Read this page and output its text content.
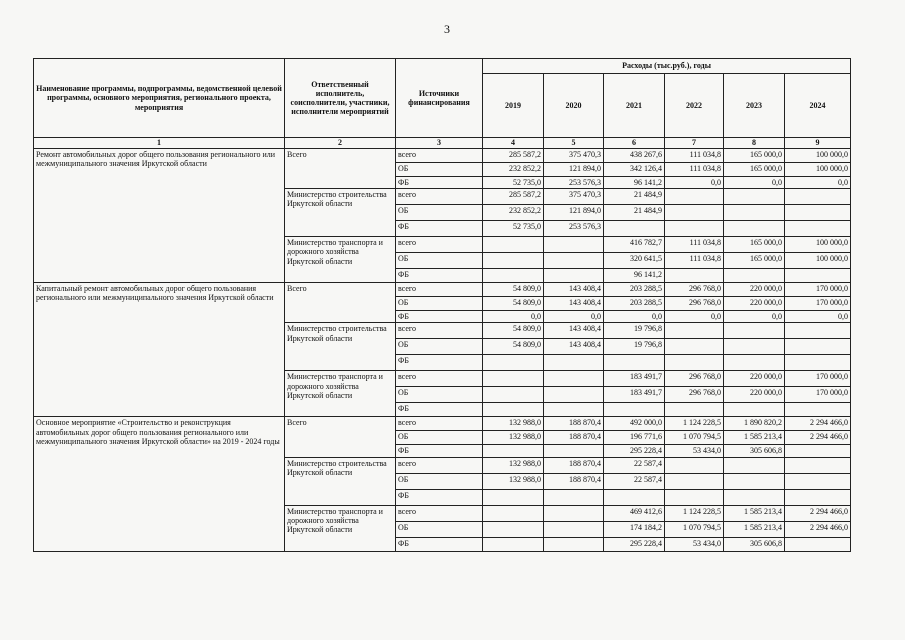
3
Наименование программы, подпрограммы, ведомственной целевой программы, основного мероприятия, регионального проекта, мероприятия	Ответственный исполнитель, соисполнители, участники, исполнители мероприятий	Источники финансирования	Расходы (тыс.руб.), годы					
			2019	2020	2021	2022	2023	2024
1	2	3	4	5	6	7	8	9
Ремонт автомобильных дорог общего пользования регионального или межмуниципального значения Иркутской области	Всего	всего	285 587,2	375 470,3	438 267,6	111 034,8	165 000,0	100 000,0
		ОБ	232 852,2	121 894,0	342 126,4	111 034,8	165 000,0	100 000,0
		ФБ	52 735,0	253 576,3	96 141,2	0,0	0,0	0,0
	Министерство строительства Иркутской области	всего	285 587,2	375 470,3	21 484,9			
		ОБ	232 852,2	121 894,0	21 484,9			
		ФБ	52 735,0	253 576,3				
	Министерство транспорта и дорожного хозяйства Иркутской области	всего			416 782,7	111 034,8	165 000,0	100 000,0
		ОБ			320 641,5	111 034,8	165 000,0	100 000,0
		ФБ			96 141,2			
Капитальный ремонт автомобильных дорог общего пользования регионального или межмуниципального значения Иркутской области	Всего	всего	54 809,0	143 408,4	203 288,5	296 768,0	220 000,0	170 000,0
		ОБ	54 809,0	143 408,4	203 288,5	296 768,0	220 000,0	170 000,0
		ФБ	0,0	0,0	0,0	0,0	0,0	0,0
	Министерство строительства Иркутской области	всего	54 809,0	143 408,4	19 796,8			
		ОБ	54 809,0	143 408,4	19 796,8			
		ФБ						
	Министерство транспорта и дорожного хозяйства Иркутской области	всего			183 491,7	296 768,0	220 000,0	170 000,0
		ОБ			183 491,7	296 768,0	220 000,0	170 000,0
		ФБ						
Основное мероприятие «Строительство и реконструкция автомобильных дорог общего пользования регионального или межмуниципального значения Иркутской области» на 2019 - 2024 годы	Всего	всего	132 988,0	188 870,4	492 000,0	1 124 228,5	1 890 820,2	2 294 466,0
		ОБ	132 988,0	188 870,4	196 771,6	1 070 794,5	1 585 213,4	2 294 466,0
		ФБ			295 228,4	53 434,0	305 606,8	
	Министерство строительства Иркутской области	всего	132 988,0	188 870,4	22 587,4			
		ОБ	132 988,0	188 870,4	22 587,4			
		ФБ						
	Министерство транспорта и дорожного хозяйства Иркутской области	всего			469 412,6	1 124 228,5	1 585 213,4	2 294 466,0
		ОБ			174 184,2	1 070 794,5	1 585 213,4	2 294 466,0
		ФБ			295 228,4	53 434,0	305 606,8	
